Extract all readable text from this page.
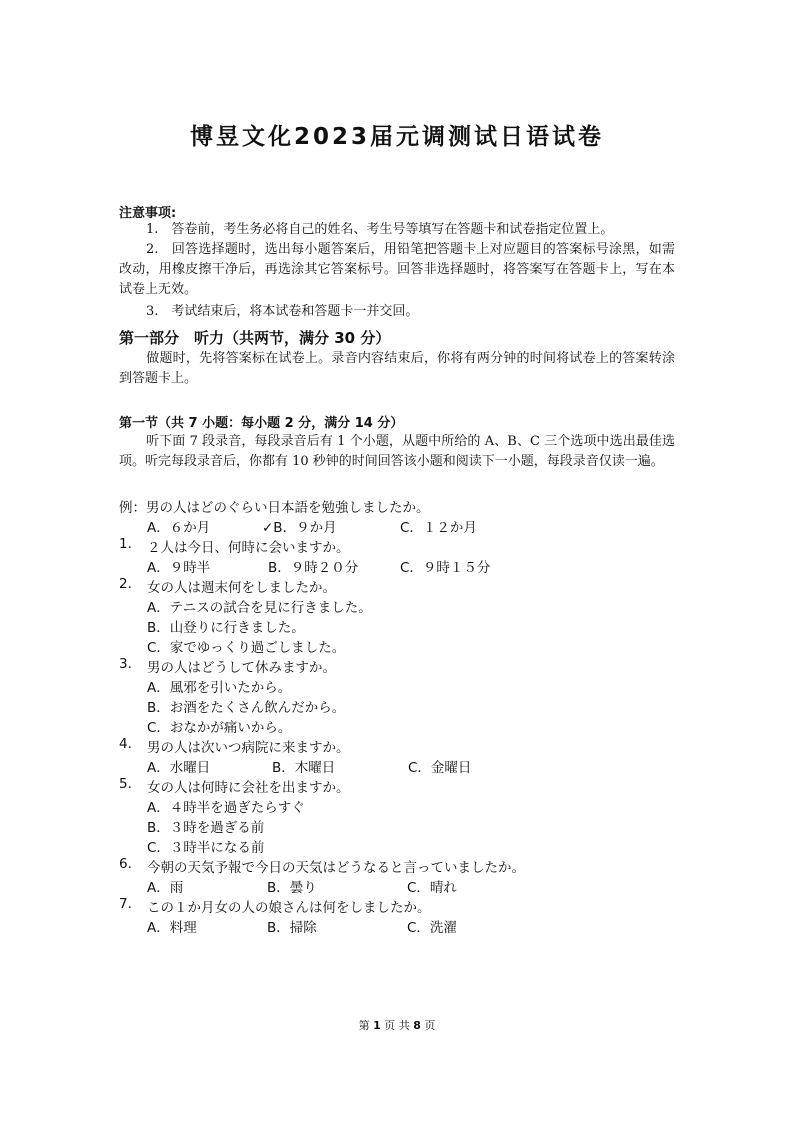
博昱文化2023届元调测试日语试卷
注意事项:
1.　 答卷前，考生务必将自己的姓名、考生号等填写在答题卡和试卷指定位置上。
2.　 回答选择题时，选出每小题答案后，用铅笔把答题卡上对应题目的答案标号涂黑，如需改动，用橡皮擦干净后，再选涂其它答案标号。回答非选择题时，将答案写在答题卡上，写在本试卷上无效。
3.　 考试结束后，将本试卷和答题卡一并交回。
第一部分　听力（共两节，满分 30 分）
做题时，先将答案标在试卷上。录音内容结束后，你将有两分钟的时间将试卷上的答案转涂到答题卡上。
第一节（共 7 小题：每小题 2 分，满分 14 分）
听下面 7 段录音，每段录音后有 1 个小题，从题中所给的 A、B、C 三个选项中选出最佳选项。听完每段录音后，你都有 10 秒钟的时间回答该小题和阅读下一小题，每段录音仅读一遍。
例：男の人はどのぐらい日本語を勉強しましたか。
A．６か月	✓B．９か月	C．１２か月
1. ２人は今日、何時に会いますか。
A．９時半	B．９時２０分	C．９時１５分
2. 女の人は週末何をしましたか。
A．テニスの試合を見に行きました。
B．山登りに行きました。
C．家でゆっくり過ごしました。
3. 男の人はどうして休みますか。
A．風邪を引いたから。
B．お酒をたくさん飲んだから。
C．おなかが痛いから。
4. 男の人は次いつ病院に来ますか。
A．水曜日	B．木曜日	C．金曜日
5. 女の人は何時に会社を出ますか。
A．４時半を過ぎたらすぐ
B．３時を過ぎる前
C．３時半になる前
6. 今朝の天気予報で今日の天気はどうなると言っていましたか。
A．雨	B．曇り	C．晴れ
7. この１か月女の人の娘さんは何をしましたか。
A．料理	B．掃除	C．洗濯
第 1 页 共 8 页
